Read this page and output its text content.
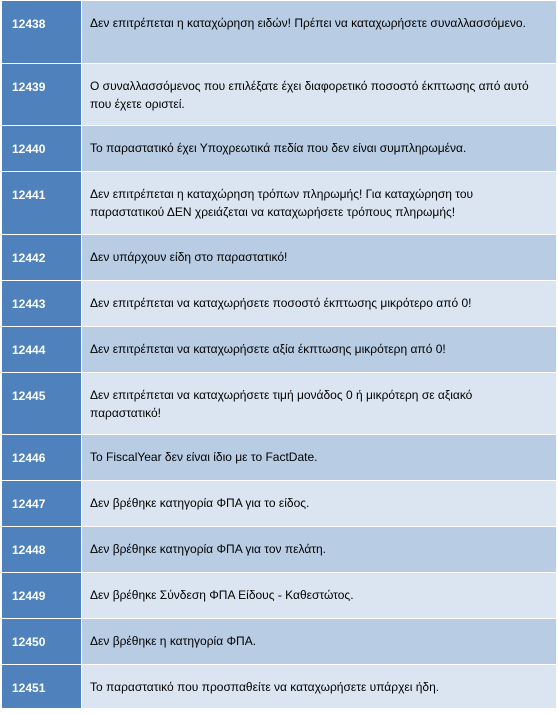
12438	Δεν επιτρέπεται η καταχώρηση ειδών! Πρέπει να καταχωρήσετε συναλλασσόμενο.
12439	Ο συναλλασσόμενος που επιλέξατε έχει διαφορετικό ποσοστό έκπτωσης από αυτό που έχετε οριστεί.
12440	Το παραστατικό έχει Υποχρεωτικά πεδία που δεν είναι συμπληρωμένα.
12441	Δεν επιτρέπεται η καταχώρηση τρόπων πληρωμής! Για καταχώρηση του παραστατικού ΔΕΝ χρειάζεται να καταχωρήσετε τρόπους πληρωμής!
12442	Δεν υπάρχουν είδη στο παραστατικό!
12443	Δεν επιτρέπεται να καταχωρήσετε ποσοστό έκπτωσης μικρότερο από 0!
12444	Δεν επιτρέπεται να καταχωρήσετε αξία έκπτωσης μικρότερη από 0!
12445	Δεν επιτρέπεται να καταχωρήσετε τιμή μονάδος 0 ή μικρότερη σε αξιακό παραστατικό!
12446	Το FiscalYear δεν είναι ίδιο με το FactDate.
12447	Δεν βρέθηκε κατηγορία ΦΠΑ για το είδος.
12448	Δεν βρέθηκε κατηγορία ΦΠΑ για τον πελάτη.
12449	Δεν βρέθηκε Σύνδεση ΦΠΑ Είδους - Καθεστώτος.
12450	Δεν βρέθηκε η κατηγορία ΦΠΑ.
12451	Το παραστατικό που προσπαθείτε να καταχωρήσετε υπάρχει ήδη.
